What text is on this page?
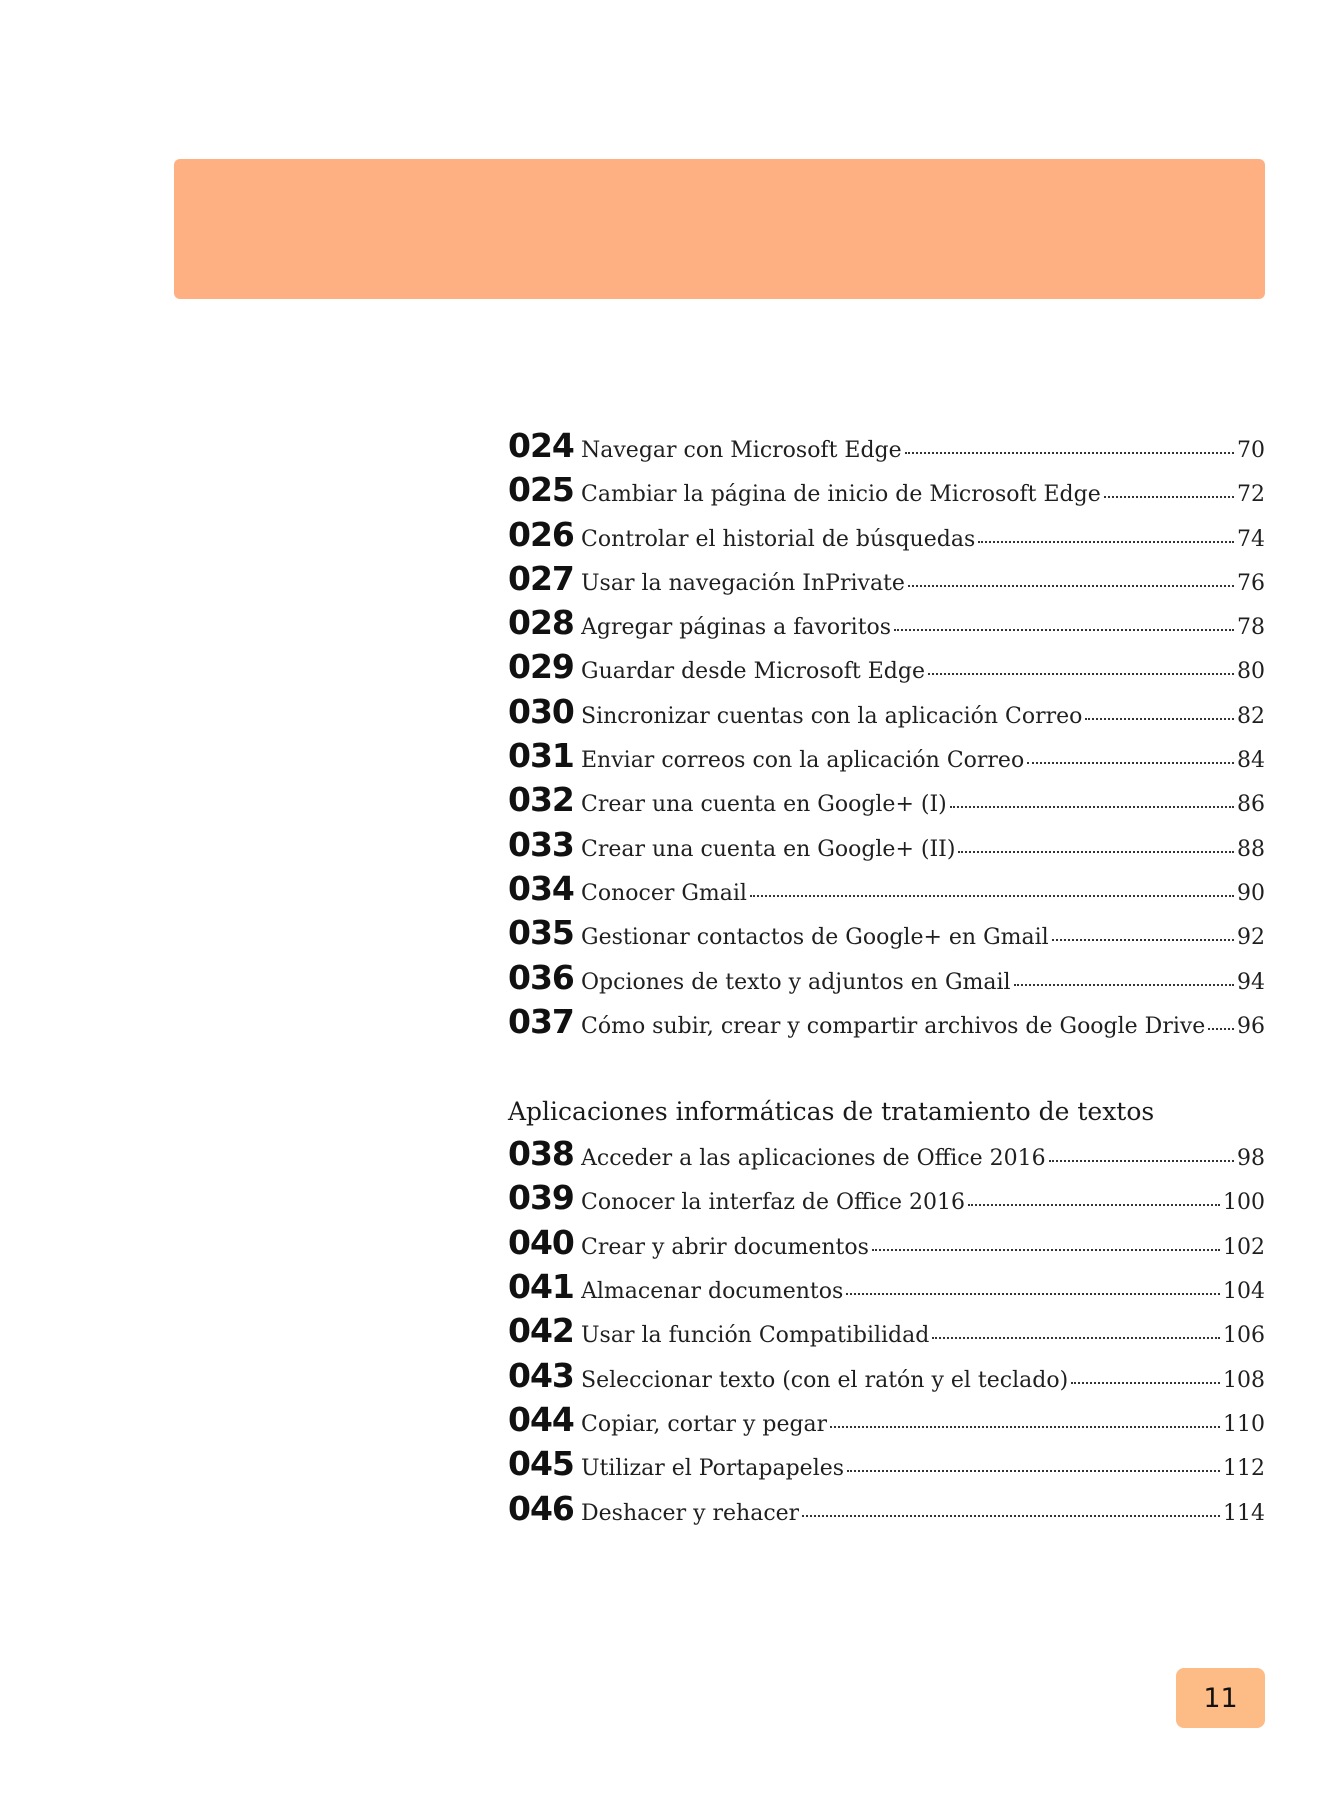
024 Navegar con Microsoft Edge	70
025 Cambiar la página de inicio de Microsoft Edge	72
026 Controlar el historial de búsquedas	74
027 Usar la navegación InPrivate	76
028 Agregar páginas a favoritos	78
029 Guardar desde Microsoft Edge	80
030 Sincronizar cuentas con la aplicación Correo	82
031 Enviar correos con la aplicación Correo	84
032 Crear una cuenta en Google+ (I)	86
033 Crear una cuenta en Google+ (II)	88
034 Conocer Gmail	90
035 Gestionar contactos de Google+ en Gmail	92
036 Opciones de texto y adjuntos en Gmail	94
037 Cómo subir, crear y compartir archivos de Google Drive 96
Aplicaciones informáticas de tratamiento de textos
038 Acceder a las aplicaciones de Office 2016	98
039 Conocer la interfaz de Office 2016	100
040 Crear y abrir documentos	102
041 Almacenar documentos	104
042 Usar la función Compatibilidad	106
043 Seleccionar texto (con el ratón y el teclado)	108
044 Copiar, cortar y pegar	110
045 Utilizar el Portapapeles	112
046 Deshacer y rehacer	114
11
